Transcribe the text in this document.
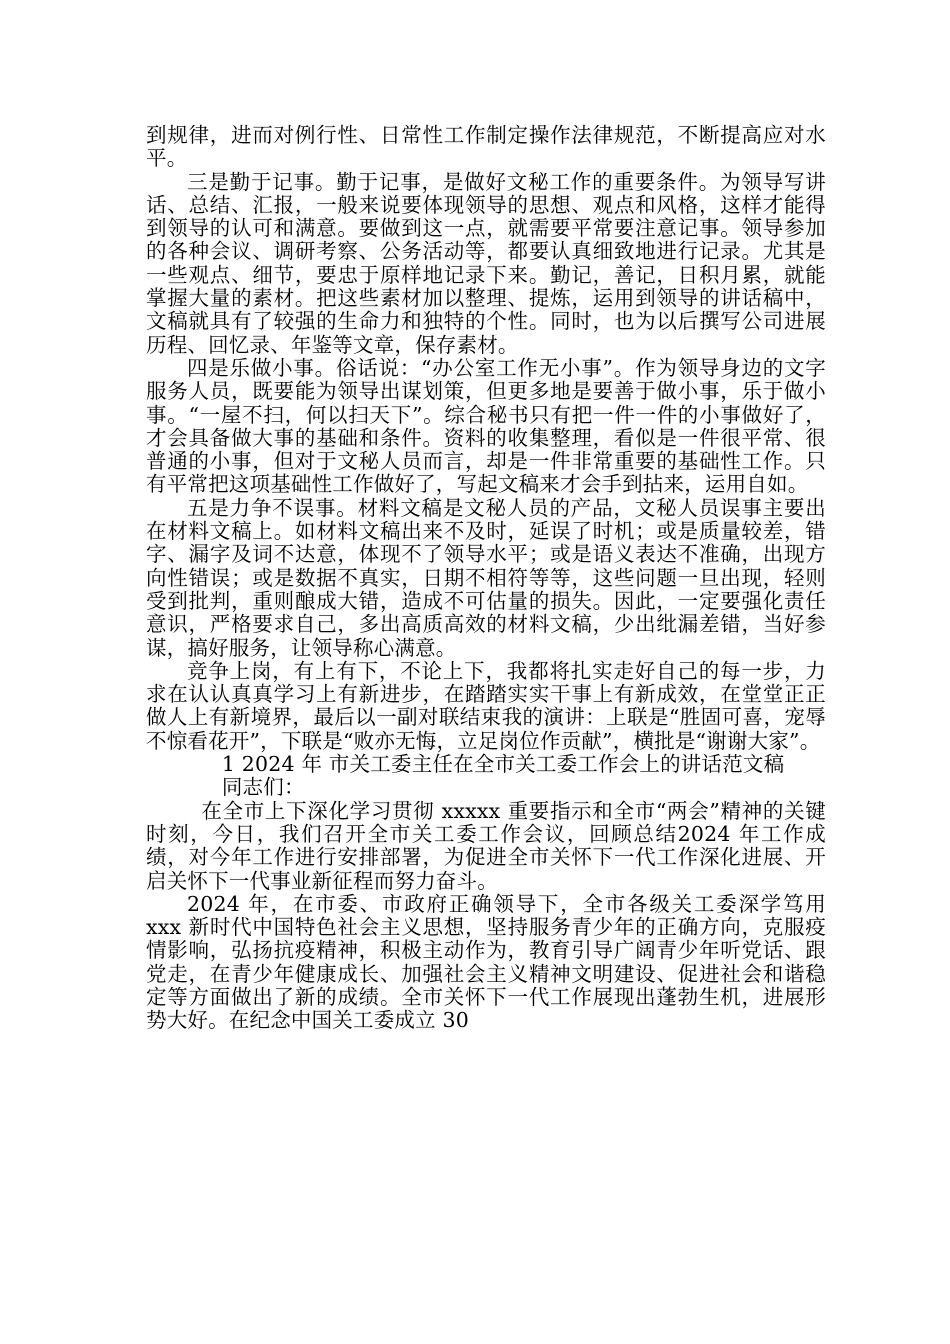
到规律，进而对例行性、日常性工作制定操作法律规范，不断提高应对水平。

三是勤于记事。勤于记事，是做好文秘工作的重要条件。为领导写讲话、总结、汇报，一般来说要体现领导的思想、观点和风格，这样才能得到领导的认可和满意。要做到这一点，就需要平常要注意记事。领导参加的各种会议、调研考察、公务活动等，都要认真细致地进行记录。尤其是一些观点、细节，要忠于原样地记录下来。勤记，善记，日积月累，就能掌握大量的素材。把这些素材加以整理、提炼，运用到领导的讲话稿中，文稿就具有了较强的生命力和独特的个性。同时，也为以后撰写公司进展历程、回忆录、年鉴等文章，保存素材。

四是乐做小事。俗话说：“办公室工作无小事”。作为领导身边的文字服务人员，既要能为领导出谋划策，但更多地是要善于做小事，乐于做小事。“一屋不扫，何以扫天下”。综合秘书只有把一件一件的小事做好了，才会具备做大事的基础和条件。资料的收集整理，看似是一件很平常、很普通的小事，但对于文秘人员而言，却是一件非常重要的基础性工作。只有平常把这项基础性工作做好了，写起文稿来才会手到拈来，运用自如。

五是力争不误事。材料文稿是文秘人员的产品，文秘人员误事主要出在材料文稿上。如材料文稿出来不及时，延误了时机；或是质量较差，错字、漏字及词不达意，体现不了领导水平；或是语义表达不准确，出现方向性错误；或是数据不真实，日期不相符等等，这些问题一旦出现，轻则受到批判，重则酿成大错，造成不可估量的损失。因此，一定要强化责任意识，严格要求自己，多出高质高效的材料文稿，少出纰漏差错，当好参谋，搞好服务，让领导称心满意。

竞争上岗，有上有下，不论上下，我都将扎实走好自己的每一步，力求在认认真真学习上有新进步，在踏踏实实干事上有新成效，在堂堂正正做人上有新境界，最后以一副对联结束我的演讲：上联是“胜固可喜，宠辱不惊看花开”，下联是“败亦无悔，立足岗位作贡献”，横批是“谢谢大家”。

1 2024 年 市关工委主任在全市关工委工作会上的讲话范文稿

同志们：

在全市上下深化学习贯彻 xxxxx 重要指示和全市“两会”精神的关键时刻，今日，我们召开全市关工委工作会议，回顾总结2024 年工作成绩，对今年工作进行安排部署，为促进全市关怀下一代工作深化进展、开启关怀下一代事业新征程而努力奋斗。

2024 年，在市委、市政府正确领导下，全市各级关工委深学笃用 xxx 新时代中国特色社会主义思想，坚持服务青少年的正确方向，克服疫情影响，弘扬抗疫精神，积极主动作为，教育引导广阔青少年听党话、跟党走，在青少年健康成长、加强社会主义精神文明建设、促进社会和谐稳定等方面做出了新的成绩。全市关怀下一代工作展现出蓬勃生机，进展形势大好。在纪念中国关工委成立 30
